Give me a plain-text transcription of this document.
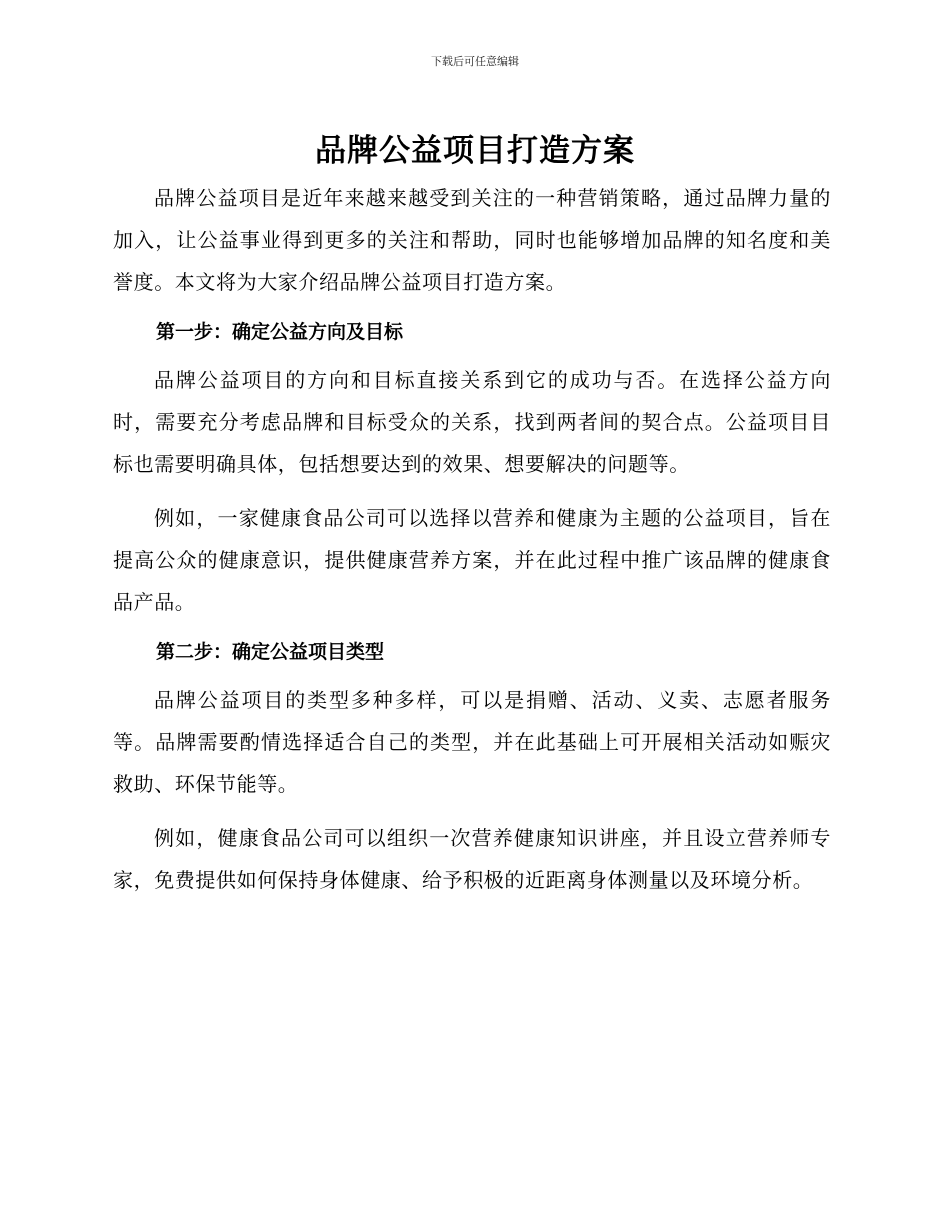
下载后可任意编辑
品牌公益项目打造方案

品牌公益项目是近年来越来越受到关注的一种营销策略，通过品牌力量的加入，让公益事业得到更多的关注和帮助，同时也能够增加品牌的知名度和美誉度。本文将为大家介绍品牌公益项目打造方案。

第一步：确定公益方向及目标

品牌公益项目的方向和目标直接关系到它的成功与否。在选择公益方向时，需要充分考虑品牌和目标受众的关系，找到两者间的契合点。公益项目目标也需要明确具体，包括想要达到的效果、想要解决的问题等。

例如，一家健康食品公司可以选择以营养和健康为主题的公益项目，旨在提高公众的健康意识，提供健康营养方案，并在此过程中推广该品牌的健康食品产品。

第二步：确定公益项目类型

品牌公益项目的类型多种多样，可以是捐赠、活动、义卖、志愿者服务等。品牌需要酌情选择适合自己的类型，并在此基础上可开展相关活动如赈灾救助、环保节能等。

例如，健康食品公司可以组织一次营养健康知识讲座，并且设立营养师专家，免费提供如何保持身体健康、给予积极的近距离身体测量以及环境分析。
